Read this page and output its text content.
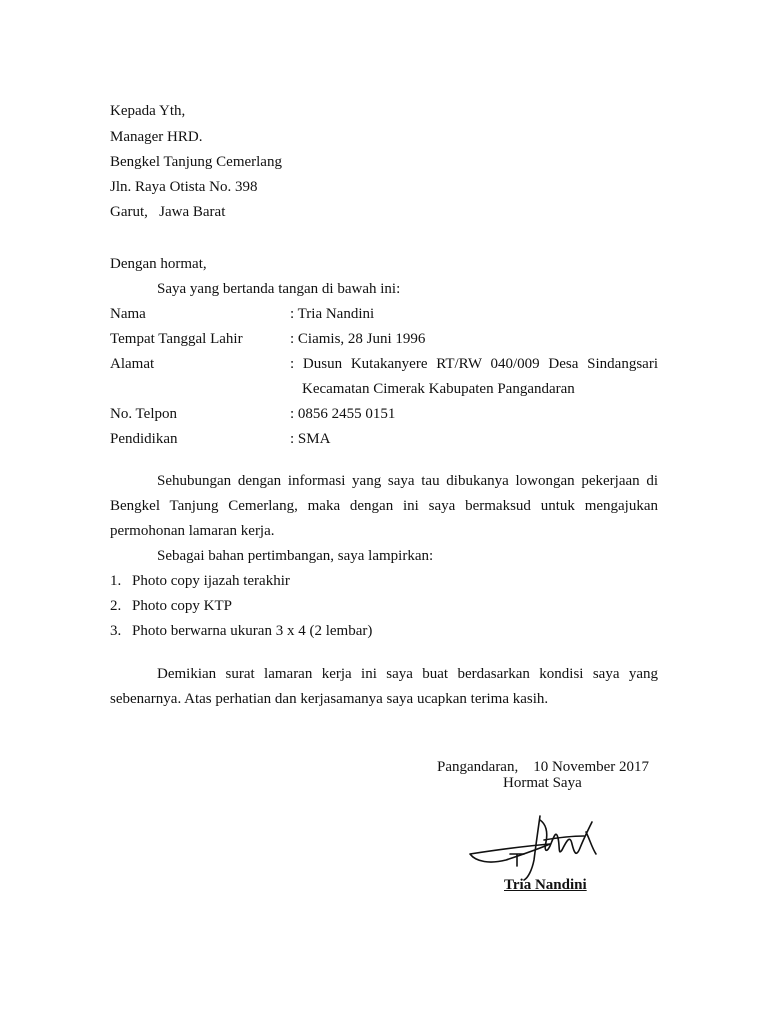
Kepada Yth,
Manager HRD.
Bengkel Tanjung Cemerlang
Jln. Raya Otista No. 398
Garut,   Jawa Barat
Dengan hormat,
Saya yang bertanda tangan di bawah ini:
Nama	: Tria Nandini
Tempat Tanggal Lahir	: Ciamis, 28 Juni 1996
Alamat	: Dusun Kutakanyere RT/RW 040/009 Desa Sindangsari
Kecamatan Cimerak Kabupaten Pangandaran
No. Telpon	: 0856 2455 0151
Pendidikan	: SMA
Sehubungan dengan informasi yang saya tau dibukanya lowongan pekerjaan di
Bengkel Tanjung Cemerlang, maka dengan ini saya bermaksud untuk mengajukan
permohonan lamaran kerja.
Sebagai bahan pertimbangan, saya lampirkan:
1. Photo copy ijazah terakhir
2. Photo copy KTP
3. Photo berwarna ukuran 3 x 4 (2 lembar)
Demikian surat lamaran kerja ini saya buat berdasarkan kondisi saya yang
sebenarnya. Atas perhatian dan kerjasamanya saya ucapkan terima kasih.
Pangandaran,    10 November 2017
Hormat Saya
Tria Nandini
